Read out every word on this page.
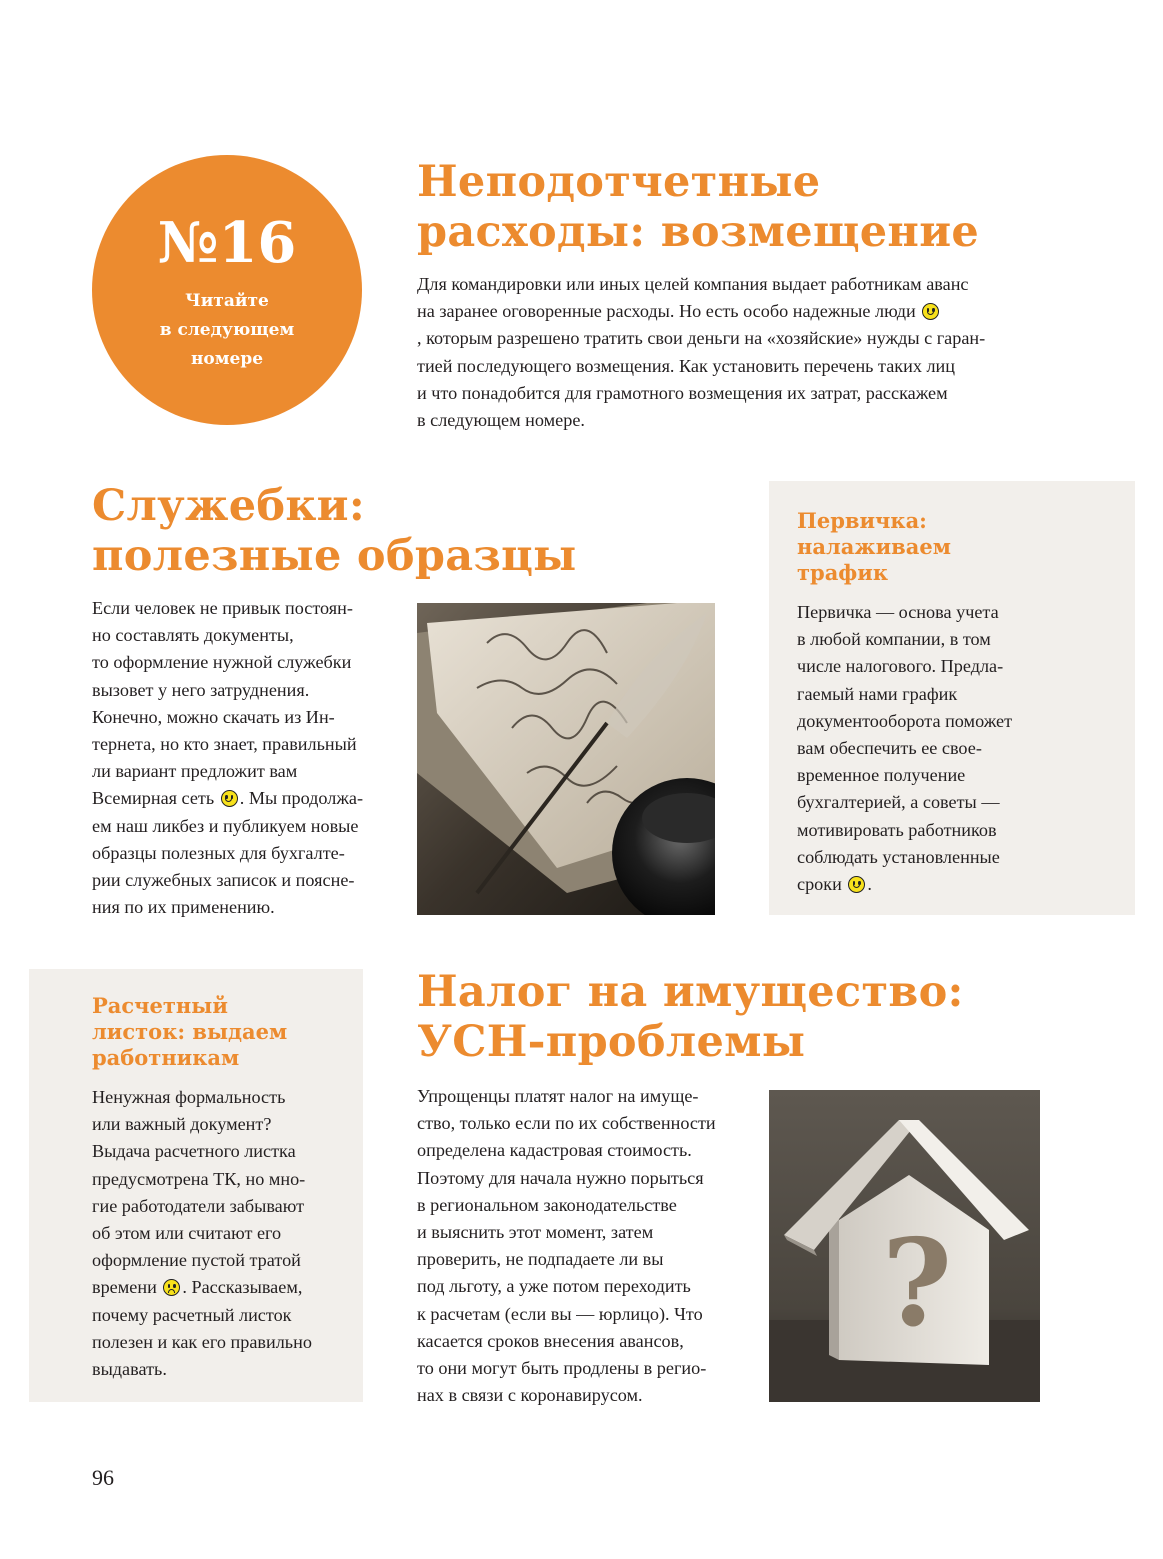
№16
Читайте
в следующем
номере
Неподотчетные
расходы: возмещение

Для командировки или иных целей компания выдает работникам аванс
на заранее оговоренные расходы. Но есть особо надежные люди
, которым разрешено тратить свои деньги на «хозяйские» нужды с гаран-
тией последующего возмещения. Как установить перечень таких лиц
и что понадобится для грамотного возмещения их затрат, расскажем
в следующем номере.

Служебки:
полезные образцы

Если человек не привык постоян-
но составлять документы,
то оформление нужной служебки
вызовет у него затруднения.
Конечно, можно скачать из Ин-
тернета, но кто знает, правильный
ли вариант предложит вам
Всемирная сеть . Мы продолжа-
ем наш ликбез и публикуем новые
образцы полезных для бухгалте-
рии служебных записок и поясне-
ния по их применению.

Первичка:
налаживаем
трафик

Первичка — основа учета
в любой компании, в том
числе налогового. Предла-
гаемый нами график
документооборота поможет
вам обеспечить ее свое-
временное получение
бухгалтерией, а советы —
мотивировать работников
соблюдать установленные
сроки .

Расчетный
листок: выдаем
работникам

Ненужная формальность
или важный документ?
Выдача расчетного листка
предусмотрена ТК, но мно-
гие работодатели забывают
об этом или считают его
оформление пустой тратой
времени . Рассказываем,
почему расчетный листок
полезен и как его правильно
выдавать.

Налог на имущество:
УСН-проблемы

Упрощенцы платят налог на имуще-
ство, только если по их собственности
определена кадастровая стоимость.
Поэтому для начала нужно порыться
в региональном законодательстве
и выяснить этот момент, затем
проверить, не подпадаете ли вы
под льготу, а уже потом переходить
к расчетам (если вы — юрлицо). Что
касается сроков внесения авансов,
то они могут быть продлены в регио-
нах в связи с коронавирусом.

?
96
